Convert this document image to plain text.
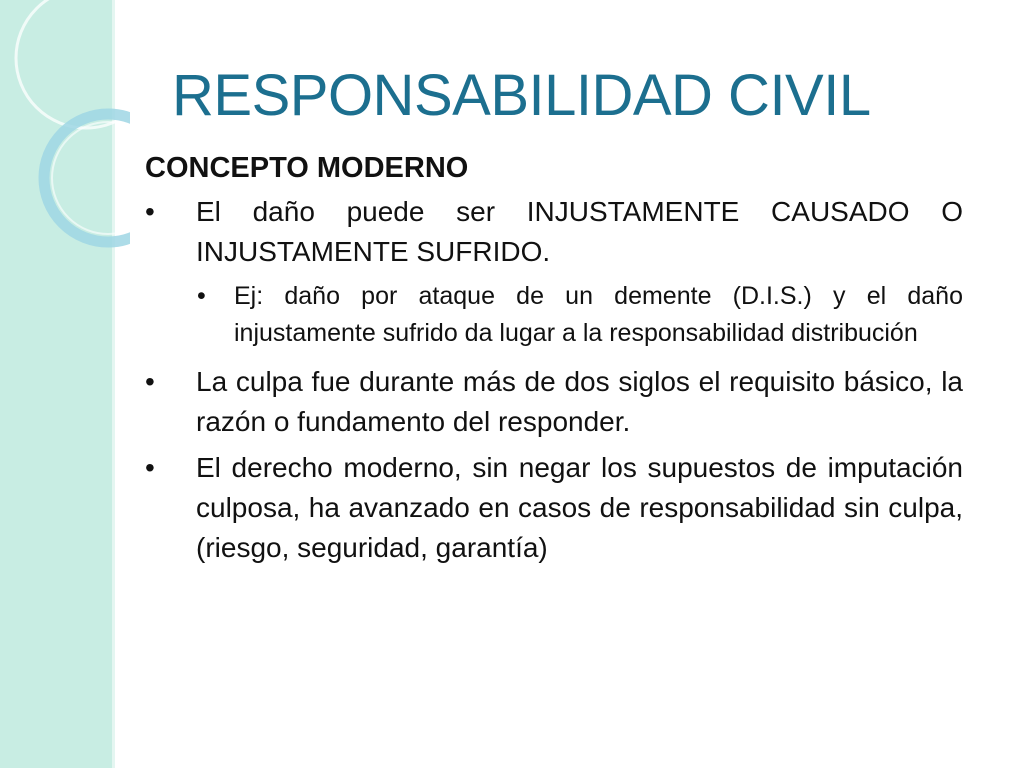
RESPONSABILIDAD CIVIL
CONCEPTO MODERNO
• El daño puede ser INJUSTAMENTE CAUSADO O INJUSTAMENTE SUFRIDO.
• Ej: daño por ataque de un demente (D.I.S.) y el daño injustamente sufrido da lugar a la responsabilidad distribución
• La culpa fue durante más de dos siglos el requisito básico, la razón o fundamento del responder.
• El derecho moderno, sin negar los supuestos de imputación culposa, ha avanzado en casos de responsabilidad sin culpa, (riesgo, seguridad, garantía)
